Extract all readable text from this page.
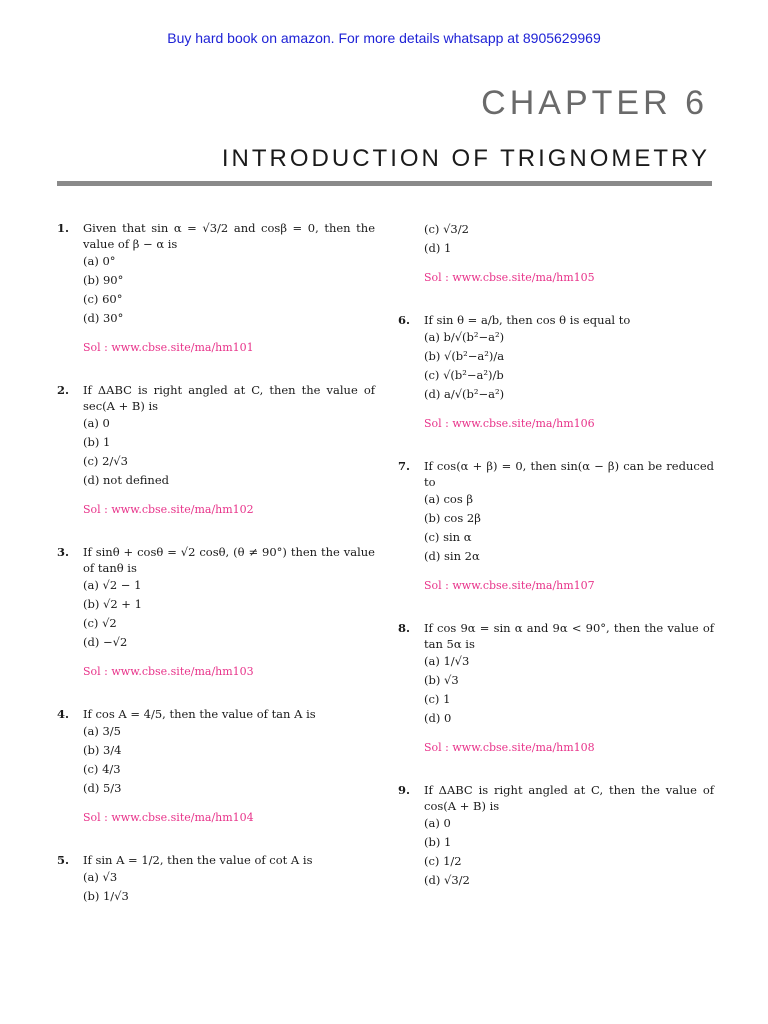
Buy hard book on amazon. For more details whatsapp at 8905629969
CHAPTER 6
INTRODUCTION OF TRIGNOMETRY
1.	Given that sin α = √3/2 and cosβ = 0, then the value of β − α is
(a) 0°
(b) 90°
(c) 60°
(d) 30°
Sol : www.cbse.site/ma/hm101
2.	If ΔABC is right angled at C, then the value of sec(A + B) is
(a) 0
(b) 1
(c) 2/√3
(d) not defined
Sol : www.cbse.site/ma/hm102
3.	If sinθ + cosθ = √2 cosθ, (θ ≠ 90°) then the value of tanθ is
(a) √2 − 1
(b) √2 + 1
(c) √2
(d) −√2
Sol : www.cbse.site/ma/hm103
4.	If cos A = 4/5, then the value of tan A is
(a) 3/5
(b) 3/4
(c) 4/3
(d) 5/3
Sol : www.cbse.site/ma/hm104
5.	If sin A = 1/2, then the value of cot A is
(a) √3
(b) 1/√3
(c) √3/2
(d) 1
Sol : www.cbse.site/ma/hm105
6.	If sin θ = a/b, then cos θ is equal to
(a) b/√(b²−a²)
(b) √(b²−a²)/a
(c) √(b²−a²)/b
(d) a/√(b²−a²)
Sol : www.cbse.site/ma/hm106
7.	If cos(α + β) = 0, then sin(α − β) can be reduced to
(a) cos β
(b) cos 2β
(c) sin α
(d) sin 2α
Sol : www.cbse.site/ma/hm107
8.	If cos 9α = sin α and 9α < 90°, then the value of tan 5α is
(a) 1/√3
(b) √3
(c) 1
(d) 0
Sol : www.cbse.site/ma/hm108
9.	If ΔABC is right angled at C, then the value of cos(A + B) is
(a) 0
(b) 1
(c) 1/2
(d) √3/2
